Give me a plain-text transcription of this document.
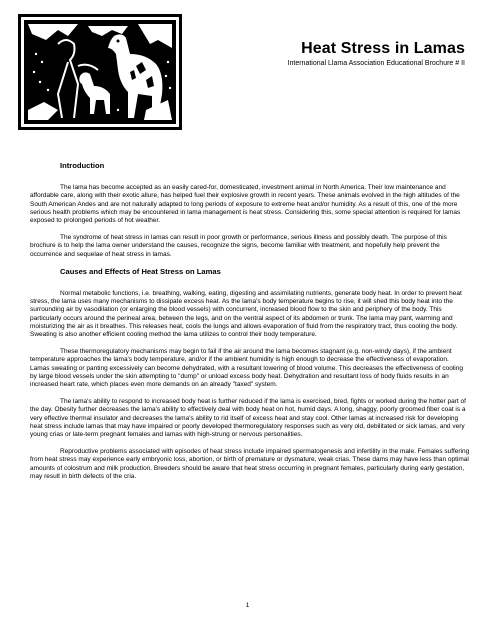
Heat Stress in Lamas
International Llama Association Educational Brochure # II
Introduction

The lama has become accepted as an easily cared-for, domesticated, investment animal in North America. Their low maintenance and affordable care, along with their exotic allure, has helped fuel their explosive growth in recent years. These animals evolved in the high altitudes of the South American Andes and are not naturally adapted to long periods of exposure to extreme heat and/or humidity. As a result of this, one of the more serious health problems which may be encountered in lama management is heat stress. Considering this, some special attention is required for lamas exposed to prolonged periods of hot weather.

The syndrome of heat stress in lamas can result in poor growth or performance, serious illness and possibly death. The purpose of this brochure is to help the lama owner understand the causes, recognize the signs, become familiar with treatment, and hopefully help prevent the occurrence and sequelae of heat stress in lamas.

Causes and Effects of Heat Stress on Lamas

Normal metabolic functions, i.e. breathing, walking, eating, digesting and assimilating nutrients, generate body heat. In order to prevent heat stress, the lama uses many mechanisms to dissipate excess heat. As the lama's body temperature begins to rise, it will shed this body heat into the surrounding air by vasodilation (or enlarging the blood vessels) with concurrent, increased blood flow to the skin and periphery of the body. This particularly occurs around the perineal area, between the legs, and on the ventral aspect of its abdomen or trunk. The lama may pant, warming and moisturizing the air as it breathes. This releases heat, cools the lungs and allows evaporation of fluid from the respiratory tract, thus cooling the body. Sweating is also another efficient cooling method the lama utilizes to control their body temperature.

These thermoregulatory mechanisms may begin to fail if the air around the lama becomes stagnant (e.g. non-windy days), if the ambient temperature approaches the lama's body temperature, and/or if the ambient humidity is high enough to decrease the effectiveness of evaporation. Lamas sweating or panting excessively can become dehydrated, with a resultant lowering of blood volume. This decreases the effectiveness of cooling by large blood vessels under the skin attempting to "dump" or unload excess body heat. Dehydration and resultant loss of body fluids results in an increased heart rate, which places even more demands on an already "taxed" system.

The lama's ability to respond to increased body heat is further reduced if the lama is exercised, bred, fights or worked during the hotter part of the day. Obesity further decreases the lama's ability to effectively deal with body heat on hot, humid days. A long, shaggy, poorly groomed fiber coat is a very effective thermal insulator and decreases the lama's ability to rid itself of excess heat and stay cool. Other lamas at increased risk for developing heat stress include lamas that may have impaired or poorly developed thermoregulatory responses such as very old, debilitated or sick lamas, and very young crias or late-term pregnant females and lamas with high-strung or nervous personalities.

Reproductive problems associated with episodes of heat stress include impaired spermatogenesis and infertility in the male. Females suffering from heat stress may experience early embryonic loss, abortion, or birth of premature or dysmature, weak crias. These dams may have less than optimal amounts of colostrum and milk production. Breeders should be aware that heat stress occurring in pregnant females, particularly during early gestation, may result in birth defects of the cria.

1
